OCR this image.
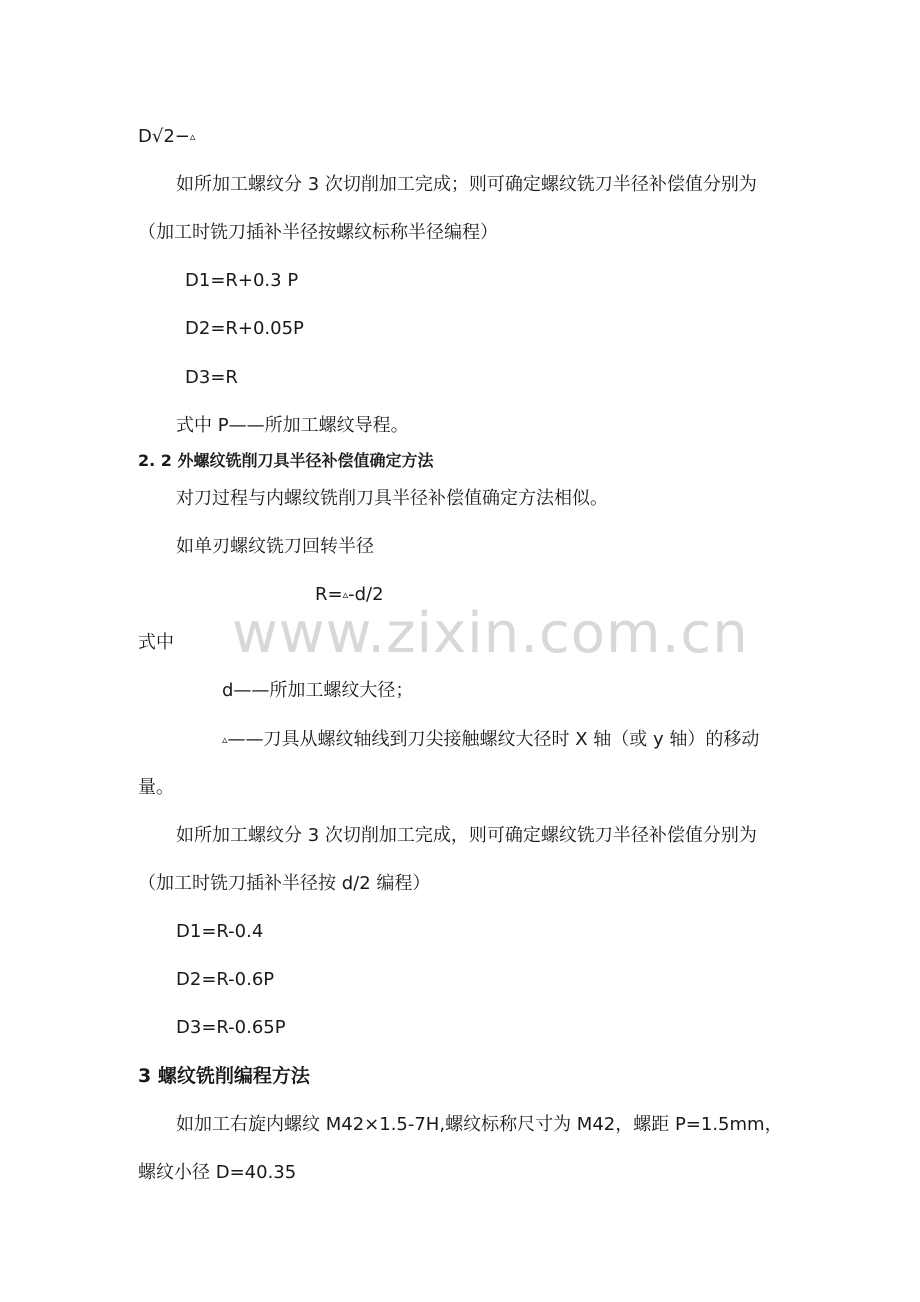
D√2−▵
如所加工螺纹分 3 次切削加工完成；则可确定螺纹铣刀半径补偿值分别为
（加工时铣刀插补半径按螺纹标称半径编程）
D1=R+0.3 P
D2=R+0.05P
D3=R
式中 P——所加工螺纹导程。
2. 2 外螺纹铣削刀具半径补偿值确定方法
对刀过程与内螺纹铣削刀具半径补偿值确定方法相似。
如单刃螺纹铣刀回转半径
R=▵-d/2
式中
d——所加工螺纹大径；
▵——刀具从螺纹轴线到刀尖接触螺纹大径时 X 轴（或 y 轴）的移动
量。
如所加工螺纹分 3 次切削加工完成，则可确定螺纹铣刀半径补偿值分别为
（加工时铣刀插补半径按 d/2 编程）
D1=R-0.4
D2=R-0.6P
D3=R-0.65P
3 螺纹铣削编程方法
如加工右旋内螺纹 M42×1.5-7H,螺纹标称尺寸为 M42，螺距 P=1.5mm，
螺纹小径 D=40.35
www.zixin.com.cn
